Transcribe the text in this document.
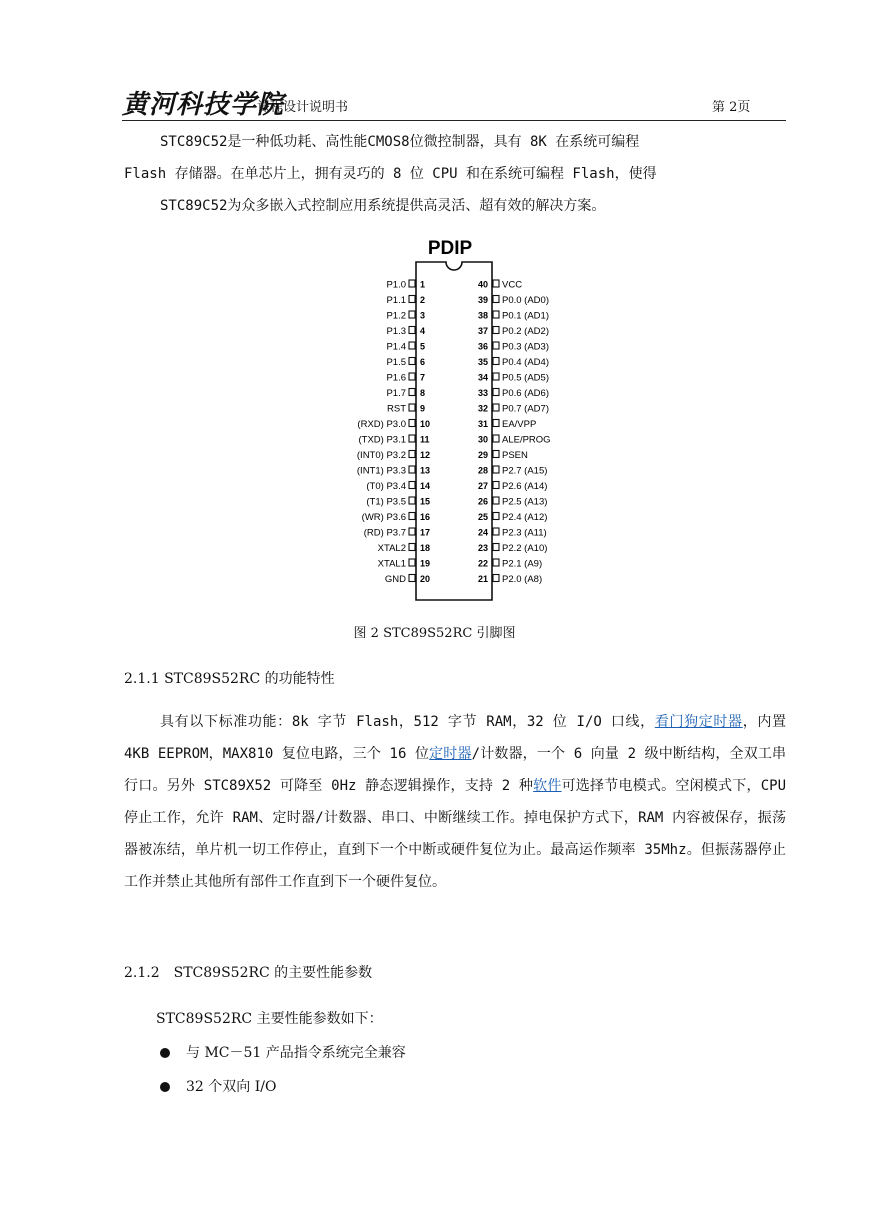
黄河科技学院
课程设计说明书	第 2页

STC89C52是一种低功耗、高性能CMOS8位微控制器，具有 8K 在系统可编程

Flash 存储器。在单芯片上，拥有灵巧的 8 位 CPU 和在系统可编程 Flash，使得

STC89C52为众多嵌入式控制应用系统提供高灵活、超有效的解决方案。

PDIP
P1.0 1
P1.1 2
P1.2 3
P1.3 4
P1.4 5
P1.5 6
P1.6 7
P1.7 8
RST 9
(RXD) P3.0 10
(TXD) P3.1 11
(INT0) P3.2 12
(INT1) P3.3 13
(T0) P3.4 14
(T1) P3.5 15
(WR) P3.6 16
(RD) P3.7 17
XTAL2 18
XTAL1 19
GND 20
40 VCC
39 P0.0 (AD0)
38 P0.1 (AD1)
37 P0.2 (AD2)
36 P0.3 (AD3)
35 P0.4 (AD4)
34 P0.5 (AD5)
33 P0.6 (AD6)
32 P0.7 (AD7)
31 EA/VPP
30 ALE/PROG
29 PSEN
28 P2.7 (A15)
27 P2.6 (A14)
26 P2.5 (A13)
25 P2.4 (A12)
24 P2.3 (A11)
23 P2.2 (A10)
22 P2.1 (A9)
21 P2.0 (A8)
图 2 STC89S52RC 引脚图
2.1.1 STC89S52RC 的功能特性

具有以下标准功能：8k 字节 Flash，512 字节 RAM，32 位 I/O 口线，看门狗定时器，内置 4KB EEPROM，MAX810 复位电路，三个 16 位定时器/计数器，一个 6 向量 2 级中断结构，全双工串行口。另外 STC89X52 可降至 0Hz 静态逻辑操作，支持 2 种软件可选择节电模式。空闲模式下，CPU 停止工作，允许 RAM、定时器/计数器、串口、中断继续工作。掉电保护方式下，RAM 内容被保存，振荡器被冻结，单片机一切工作停止，直到下一个中断或硬件复位为止。最高运作频率 35Mhz。但振荡器停止工作并禁止其他所有部件工作直到下一个硬件复位。

2.1.2　STC89S52RC 的主要性能参数
STC89S52RC 主要性能参数如下：
与 MC－51 产品指令系统完全兼容
32 个双向 I/O
